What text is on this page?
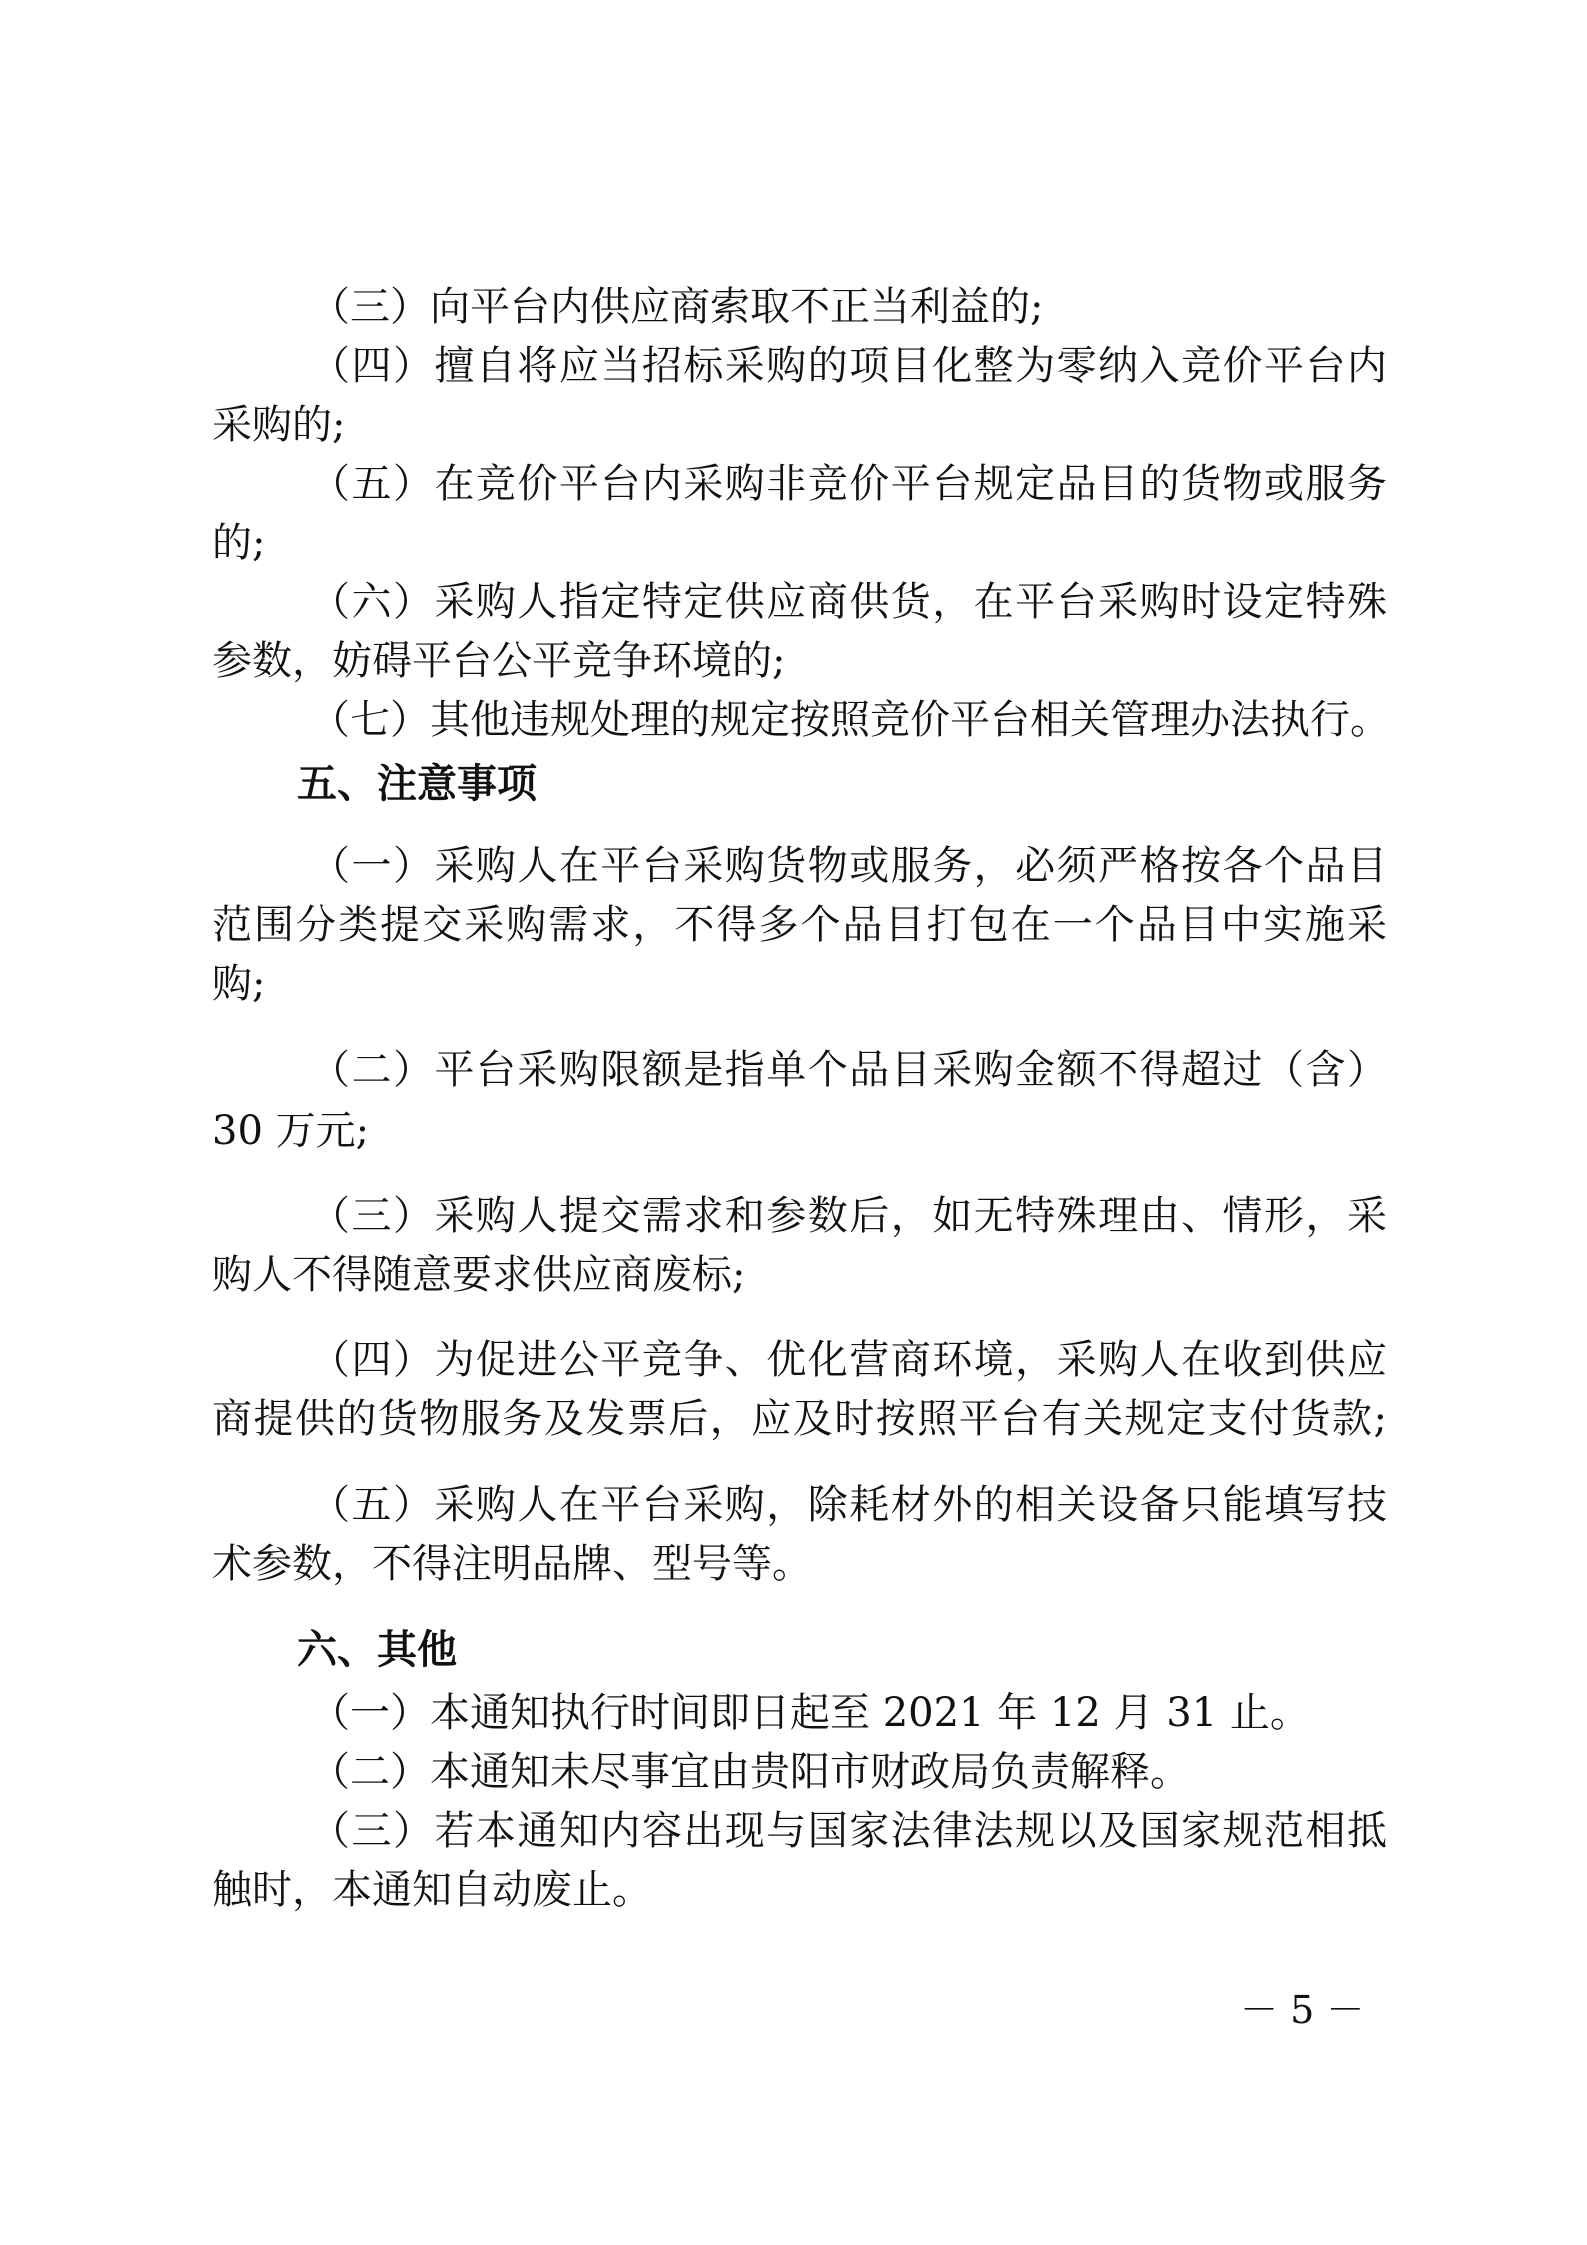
（三）向平台内供应商索取不正当利益的;
（四）擅自将应当招标采购的项目化整为零纳入竞价平台内
采购的;
（五）在竞价平台内采购非竞价平台规定品目的货物或服务
的;
（六）采购人指定特定供应商供货，在平台采购时设定特殊
参数，妨碍平台公平竞争环境的;
（七）其他违规处理的规定按照竞价平台相关管理办法执行。
五、注意事项
（一）采购人在平台采购货物或服务，必须严格按各个品目
范围分类提交采购需求，不得多个品目打包在一个品目中实施采
购;
（二）平台采购限额是指单个品目采购金额不得超过（含）
30 万元;
（三）采购人提交需求和参数后，如无特殊理由、情形，采
购人不得随意要求供应商废标;
（四）为促进公平竞争、优化营商环境，采购人在收到供应
商提供的货物服务及发票后，应及时按照平台有关规定支付货款;
（五）采购人在平台采购，除耗材外的相关设备只能填写技
术参数，不得注明品牌、型号等。
六、其他
（一）本通知执行时间即日起至 2021 年 12 月 31 止。
（二）本通知未尽事宜由贵阳市财政局负责解释。
（三）若本通知内容出现与国家法律法规以及国家规范相抵
触时，本通知自动废止。
－ 5 －
